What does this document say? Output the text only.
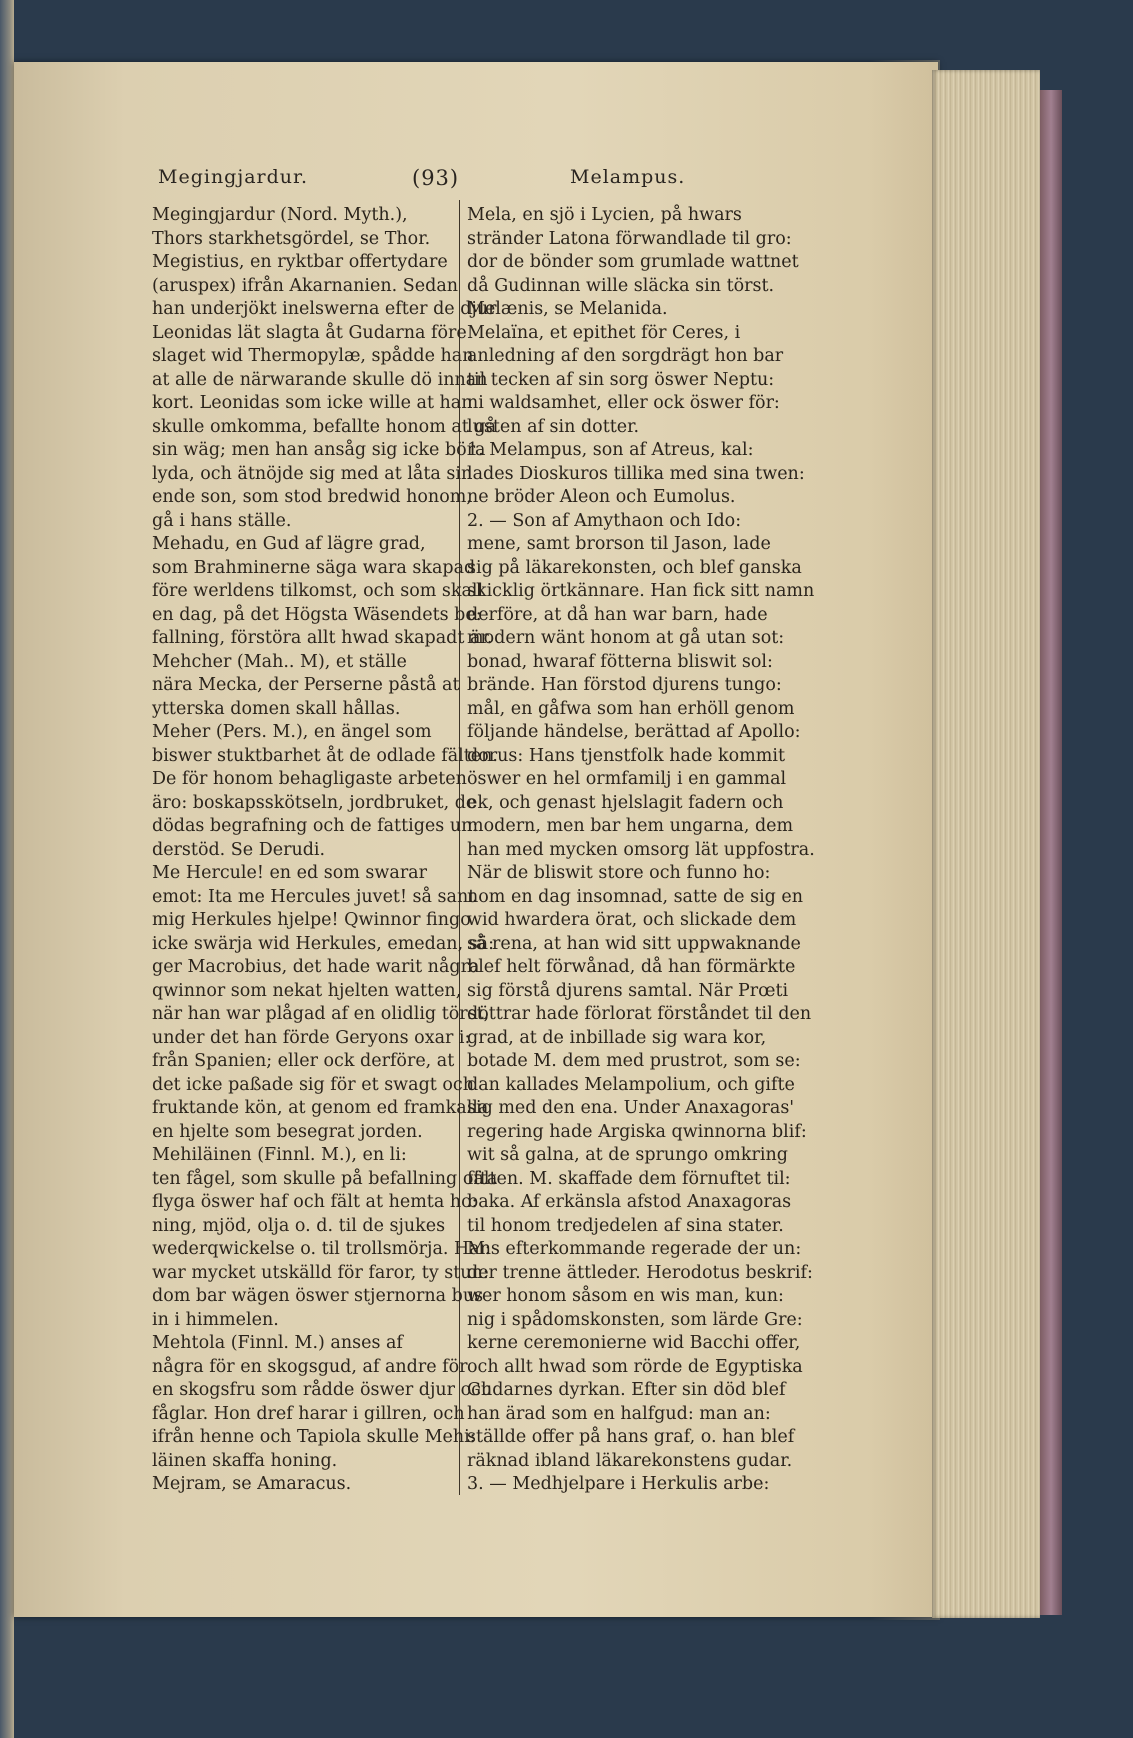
Megingjardur.	(93)	Melampus.
Megingjardur (Nord. Myth.),
Thors starkhetsgördel, se Thor.
Megistius, en ryktbar offertydare
(aruspex) ifrån Akarnanien. Sedan
han underjökt inelswerna efter de djur
Leonidas lät slagta åt Gudarna före
slaget wid Thermopylæ, spådde han
at alle de närwarande skulle dö innan
kort. Leonidas som icke wille at han
skulle omkomma, befallte honom at gå
sin wäg; men han ansåg sig icke böra
lyda, och ätnöjde sig med at låta sin
ende son, som stod bredwid honom,
gå i hans ställe.
Mehadu, en Gud af lägre grad,
som Brahminerne säga wara skapad
före werldens tilkomst, och som skall
en dag, på det Högsta Wäsendets be:
fallning, förstöra allt hwad skapadt är.
Mehcher (Mah.. M), et ställe
nära Mecka, der Perserne påstå at
ytterska domen skall hållas.
Meher (Pers. M.), en ängel som
biswer stuktbarhet åt de odlade fälten.
De för honom behagligaste arbeten
äro: boskapsskötseln, jordbruket, de
dödas begrafning och de fattiges un:
derstöd. Se Derudi.
Me Hercule! en ed som swarar
emot: Ita me Hercules juvet! så sant
mig Herkules hjelpe! Qwinnor fingo
icke swärja wid Herkules, emedan, sä:
ger Macrobius, det hade warit några
qwinnor som nekat hjelten watten,
när han war plågad af en olidlig törst,
under det han förde Geryons oxar i:
från Spanien; eller ock derföre, at
det icke paßade sig för et swagt och
fruktande kön, at genom ed framkalla
en hjelte som besegrat jorden.
Mehiläinen (Finnl. M.), en li:
ten fågel, som skulle på befallning ofta
flyga öswer haf och fält at hemta ho:
ning, mjöd, olja o. d. til de sjukes
wederqwickelse o. til trollsmörja. Han
war mycket utskälld för faror, ty stun:
dom bar wägen öswer stjernorna bus
in i himmelen.
Mehtola (Finnl. M.) anses af
några för en skogsgud, af andre för
en skogsfru som rådde öswer djur och
fåglar. Hon dref harar i gillren, och
ifrån henne och Tapiola skulle Mehi:
läinen skaffa honing.
Mejram, se Amaracus.
Mela, en sjö i Lycien, på hwars
stränder Latona förwandlade til gro:
dor de bönder som grumlade wattnet
då Gudinnan wille släcka sin törst.
Melænis, se Melanida.
Melaïna, et epithet för Ceres, i
anledning af den sorgdrägt hon bar
til tecken af sin sorg öswer Neptu:
ni waldsamhet, eller ock öswer för:
lusten af sin dotter.
1. Melampus, son af Atreus, kal:
lades Dioskuros tillika med sina twen:
ne bröder Aleon och Eumolus.
2. — Son af Amythaon och Ido:
mene, samt brorson til Jason, lade
sig på läkarekonsten, och blef ganska
skicklig örtkännare. Han fick sitt namn
derföre, at då han war barn, hade
modern wänt honom at gå utan sot:
bonad, hwaraf fötterna bliswit sol:
brände. Han förstod djurens tungo:
mål, en gåfwa som han erhöll genom
följande händelse, berättad af Apollo:
dorus: Hans tjenstfolk hade kommit
öswer en hel ormfamilj i en gammal
ek, och genast hjelslagit fadern och
modern, men bar hem ungarna, dem
han med mycken omsorg lät uppfostra.
När de bliswit store och funno ho:
nom en dag insomnad, satte de sig en
wid hwardera örat, och slickade dem
så rena, at han wid sitt uppwaknande
blef helt förwånad, då han förmärkte
sig förstå djurens samtal. När Prœti
döttrar hade förlorat förståndet til den
grad, at de inbillade sig wara kor,
botade M. dem med prustrot, som se:
dan kallades Melampolium, och gifte
sig med den ena. Under Anaxagoras'
regering hade Argiska qwinnorna blif:
wit så galna, at de sprungo omkring
fälten. M. skaffade dem förnuftet til:
baka. Af erkänsla afstod Anaxagoras
til honom tredjedelen af sina stater.
M:s efterkommande regerade der un:
der trenne ättleder. Herodotus beskrif:
wer honom såsom en wis man, kun:
nig i spådomskonsten, som lärde Gre:
kerne ceremonierne wid Bacchi offer,
och allt hwad som rörde de Egyptiska
Gudarnes dyrkan. Efter sin död blef
han ärad som en halfgud: man an:
ställde offer på hans graf, o. han blef
räknad ibland läkarekonstens gudar.
3. — Medhjelpare i Herkulis arbe:
